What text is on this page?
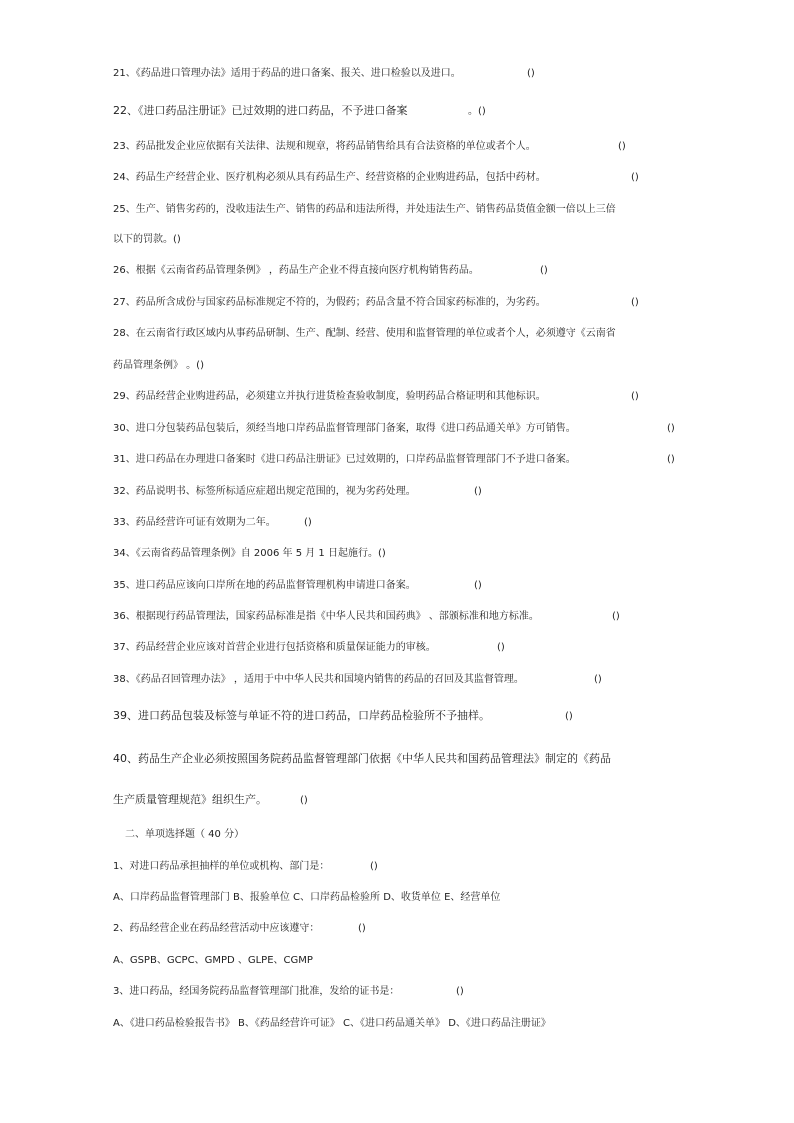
21、《药品进口管理办法》适用于药品的进口备案、报关、进口检验以及进口。	()
22、《进口药品注册证》已过效期的进口药品，不予进口备案	。()
23、药品批发企业应依据有关法律、法规和规章，将药品销售给具有合法资格的单位或者个人。	()
24、药品生产经营企业、医疗机构必须从具有药品生产、经营资格的企业购进药品，包括中药材。	()
25、生产、销售劣药的，没收违法生产、销售的药品和违法所得，并处违法生产、销售药品货值金额一倍以上三倍
以下的罚款。()
26、根据《云南省药品管理条例》 ，药品生产企业不得直接向医疗机构销售药品。	()
27、药品所含成份与国家药品标准规定不符的，为假药；药品含量不符合国家药标准的，为劣药。	()
28、在云南省行政区域内从事药品研制、生产、配制、经营、使用和监督管理的单位或者个人，必须遵守《云南省
药品管理条例》 。()
29、药品经营企业购进药品，必须建立并执行进货检查验收制度，验明药品合格证明和其他标识。	()
30、进口分包装药品包装后，须经当地口岸药品监督管理部门备案，取得《进口药品通关单》方可销售。	()
31、进口药品在办理进口备案时《进口药品注册证》已过效期的，口岸药品监督管理部门不予进口备案。	()
32、药品说明书、标签所标适应症超出规定范围的，视为劣药处理。	()
33、药品经营许可证有效期为二年。	()
34、《云南省药品管理条例》自 2006 年 5 月 1 日起施行。()
35、进口药品应该向口岸所在地的药品监督管理机构申请进口备案。	()
36、根据现行药品管理法，国家药品标准是指《中华人民共和国药典》 、部颁标准和地方标准。	()
37、药品经营企业应该对首营企业进行包括资格和质量保证能力的审核。	()
38、《药品召回管理办法》 ，适用于中中华人民共和国境内销售的药品的召回及其监督管理。	()
39、进口药品包装及标签与单证不符的进口药品，口岸药品检验所不予抽样。	()
40、药品生产企业必须按照国务院药品监督管理部门依据《中华人民共和国药品管理法》制定的《药品
生产质量管理规范》组织生产。	()
二、单项选择题（ 40 分）
1、对进口药品承担抽样的单位或机构、部门是：	()
A、口岸药品监督管理部门 B、报验单位 C、口岸药品检验所 D、收货单位 E、经营单位
2、药品经营企业在药品经营活动中应该遵守：	()
A、GSPB、GCPC、GMPD 、GLPE、CGMP
3、进口药品，经国务院药品监督管理部门批准，发给的证书是：	()
A、《进口药品检验报告书》 B、《药品经营许可证》 C、《进口药品通关单》 D、《进口药品注册证》
